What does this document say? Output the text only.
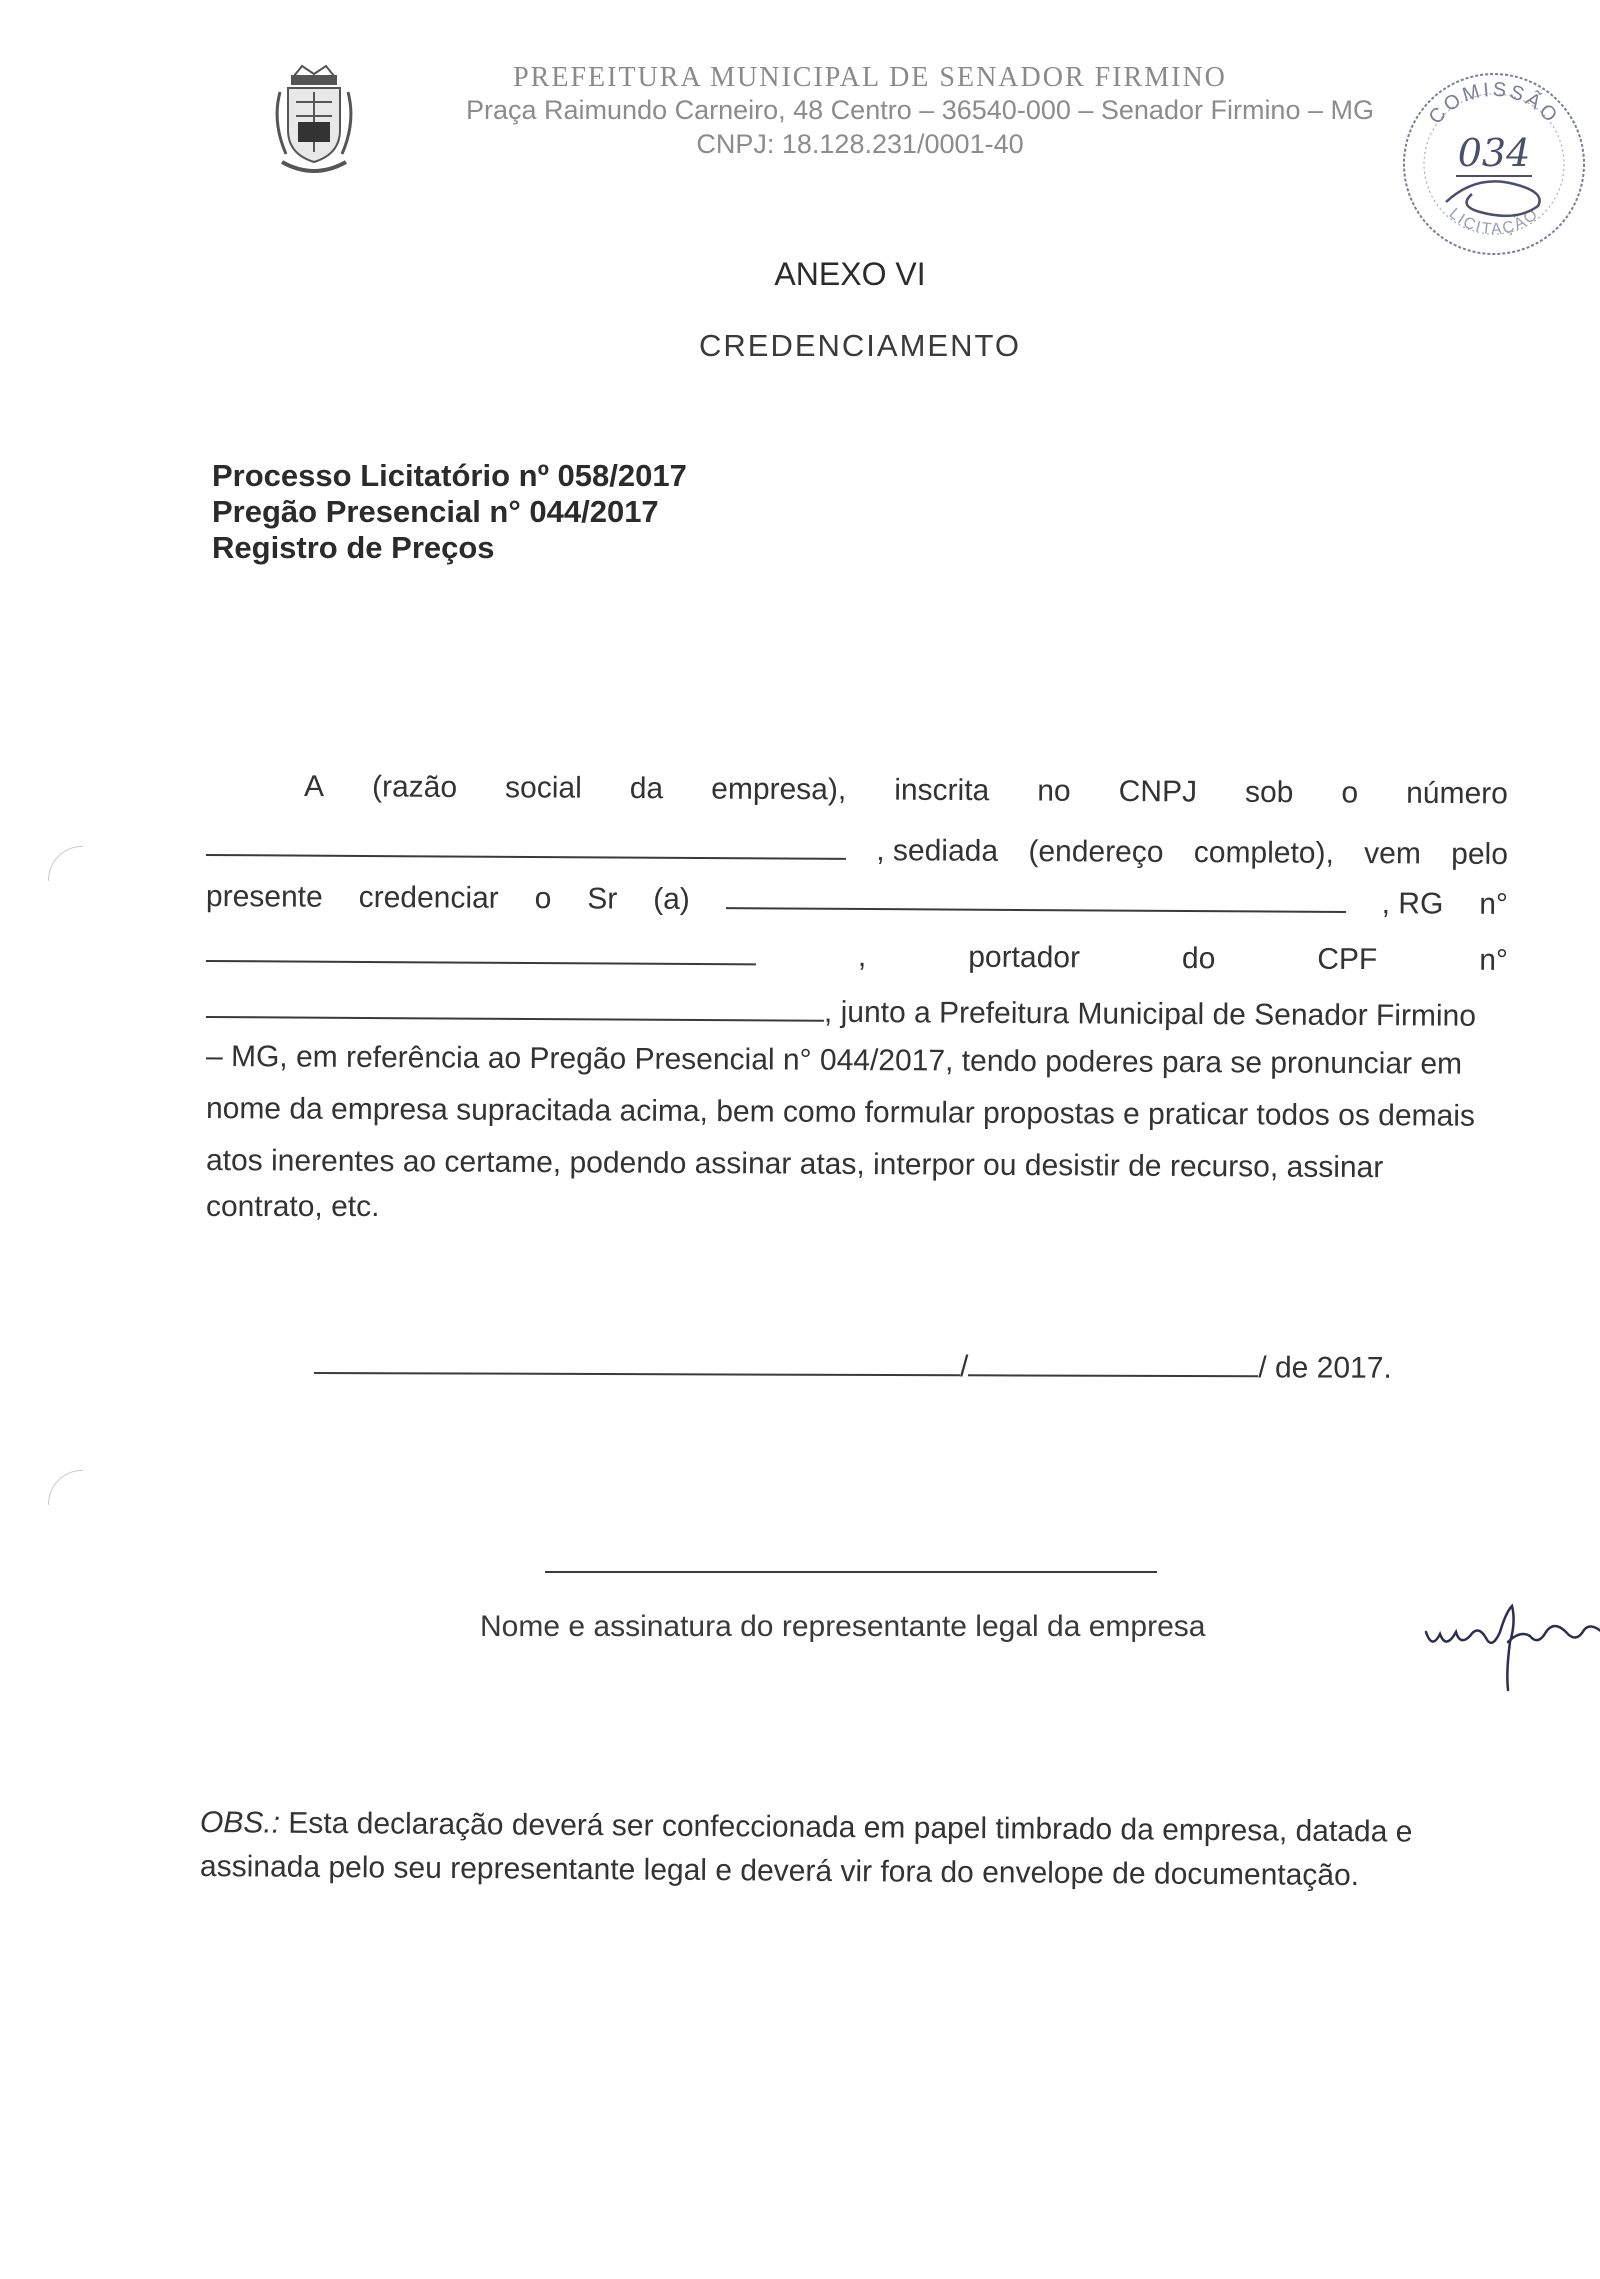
PREFEITURA MUNICIPAL DE SENADOR FIRMINO
Praça Raimundo Carneiro, 48 Centro – 36540-000 – Senador Firmino – MG
CNPJ: 18.128.231/0001-40
COMISSÃO
LICITAÇÃO
034
ANEXO VI
CREDENCIAMENTO
Processo Licitatório nº 058/2017
Pregão Presencial n° 044/2017
Registro de Preços
A (razão social da empresa), inscrita no CNPJ sob o número
, sediada (endereço completo), vem pelo
presente credenciar o Sr (a)	, RG n°
,	portador	do	CPF	n°
, junto a Prefeitura Municipal de Senador Firmino
– MG, em referência ao Pregão Presencial n° 044/2017, tendo poderes para se pronunciar em
nome da empresa supracitada acima, bem como formular propostas e praticar todos os demais
atos inerentes ao certame, podendo assinar atas, interpor ou desistir de recurso, assinar
contrato, etc.
/	/ de 2017.
Nome e assinatura do representante legal da empresa
OBS.: Esta declaração deverá ser confeccionada em papel timbrado da empresa, datada e
assinada pelo seu representante legal e deverá vir fora do envelope de documentação.
